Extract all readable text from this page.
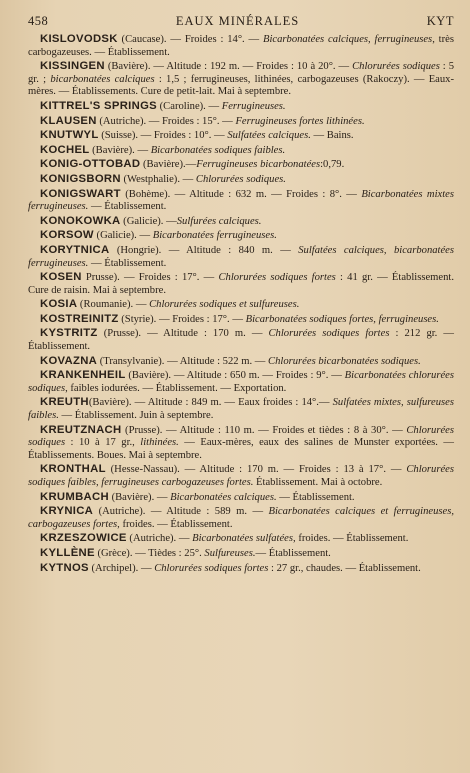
458	EAUX MINÉRALES	KYT

KISLOVODSK (Caucase). — Froides : 14°. — Bicarbonatées calciques, ferrugineuses, très carbogazeuses. — Établissement.

KISSINGEN (Bavière). — Altitude : 192 m. — Froides : 10 à 20°. — Chlorurées sodiques : 5 gr. ; bicarbonatées calciques : 1,5 ; ferrugineuses, lithinées, carbogazeuses (Rakoczy). — Eaux-mères. — Établissements. Cure de petit-lait. Mai à septembre.

KITTREL'S SPRINGS (Caroline). — Ferrugineuses.

KLAUSEN (Autriche). — Froides : 15°. — Ferrugineuses fortes lithinées.

KNUTWYL (Suisse). — Froides : 10°. — Sulfatées calciques. — Bains.

KOCHEL (Bavière). — Bicarbonatées sodiques faibles.

KONIG-OTTOBAD (Bavière).—Ferrugineuses bicarbonatées:0,79.

KONIGSBORN (Westphalie). — Chlorurées sodiques.

KONIGSWART (Bohème). — Altitude : 632 m. — Froides : 8°. — Bicarbonatées mixtes ferrugineuses. — Établissement.

KONOKOWKA (Galicie). —Sulfurées calciques.

KORSOW (Galicie). — Bicarbonatées ferrugineuses.

KORYTNICA (Hongrie). — Altitude : 840 m. — Sulfatées calciques, bicarbonatées ferrugineuses. — Établissement.

KOSEN Prusse). — Froides : 17°. — Chlorurées sodiques fortes : 41 gr. — Établissement. Cure de raisin. Mai à septembre.

KOSIA (Roumanie). — Chlorurées sodiques et sulfureuses.

KOSTREINITZ (Styrie). — Froides : 17°. — Bicarbonatées sodiques fortes, ferrugineuses.

KYSTRITZ (Prusse). — Altitude : 170 m. — Chlorurées sodiques fortes : 212 gr. — Établissement.

KOVAZNA (Transylvanie). — Altitude : 522 m. — Chlorurées bicarbonatées sodiques.

KRANKENHEIL (Bavière). — Altitude : 650 m. — Froides : 9°. — Bicarbonatées chlorurées sodiques, faibles iodurées. — Établissement. — Exportation.

KREUTH(Bavière). — Altitude : 849 m. — Eaux froides : 14°.— Sulfatées mixtes, sulfureuses faibles. — Établissement. Juin à septembre.

KREUTZNACH (Prusse). — Altitude : 110 m. — Froides et tièdes : 8 à 30°. — Chlorurées sodiques : 10 à 17 gr., lithinées. — Eaux-mères, eaux des salines de Munster exportées. — Établissements. Boues. Mai à septembre.

KRONTHAL (Hesse-Nassau). — Altitude : 170 m. — Froides : 13 à 17°. — Chlorurées sodiques faibles, ferrugineuses carbogazeuses fortes. Établissement. Mai à octobre.

KRUMBACH (Bavière). — Bicarbonatées calciques. — Établissement.

KRYNICA (Autriche). — Altitude : 589 m. — Bicarbonatées calciques et ferrugineuses, carbogazeuses fortes, froides. — Établissement.

KRZESZOWICE (Autriche). — Bicarbonatées sulfatées, froides. — Établissement.

KYLLÈNE (Grèce). — Tièdes : 25°. Sulfureuses.— Établissement.

KYTNOS (Archipel). — Chlorurées sodiques fortes : 27 gr., chaudes. — Établissement.
